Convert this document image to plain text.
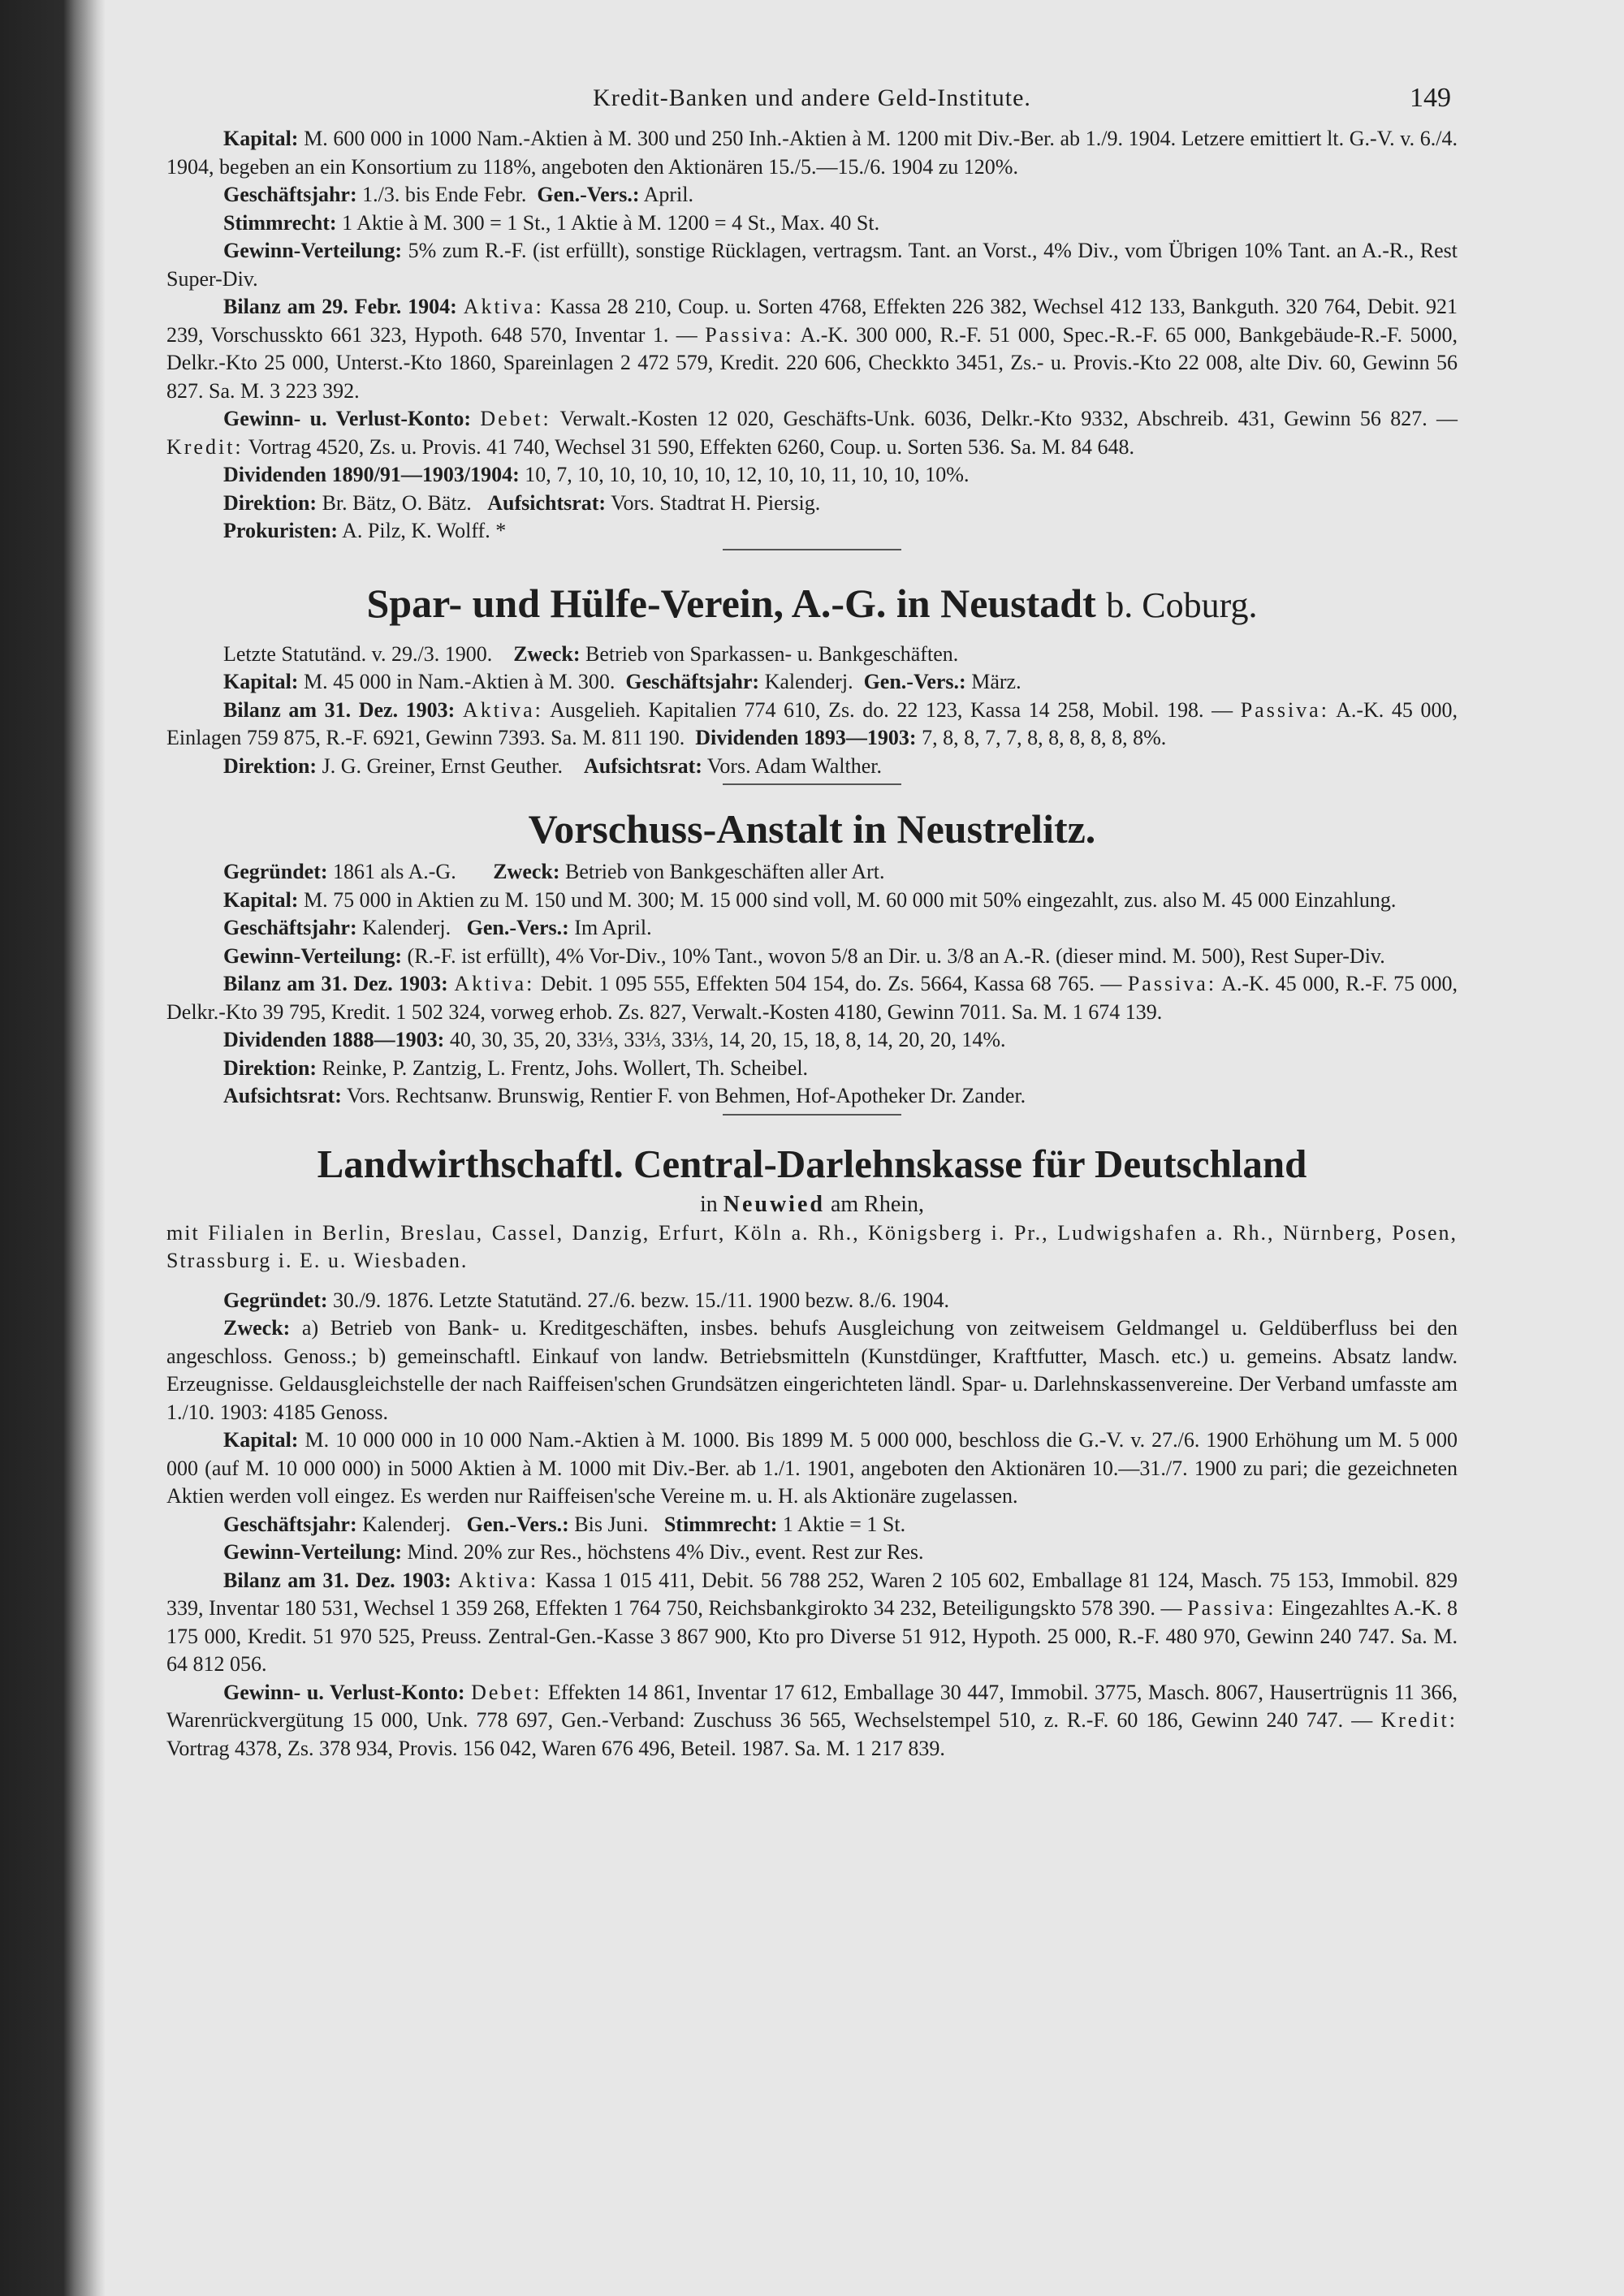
Kredit-Banken und andere Geld-Institute.	149

Kapital: M. 600 000 in 1000 Nam.-Aktien à M. 300 und 250 Inh.-Aktien à M. 1200 mit Div.-Ber. ab 1./9. 1904. Letzere emittiert lt. G.-V. v. 6./4. 1904, begeben an ein Konsortium zu 118%, angeboten den Aktionären 15./5.—15./6. 1904 zu 120%.

Geschäftsjahr: 1./3. bis Ende Febr. Gen.-Vers.: April.

Stimmrecht: 1 Aktie à M. 300 = 1 St., 1 Aktie à M. 1200 = 4 St., Max. 40 St.

Gewinn-Verteilung: 5% zum R.-F. (ist erfüllt), sonstige Rücklagen, vertragsm. Tant. an Vorst., 4% Div., vom Übrigen 10% Tant. an A.-R., Rest Super-Div.

Bilanz am 29. Febr. 1904: Aktiva: Kassa 28 210, Coup. u. Sorten 4768, Effekten 226 382, Wechsel 412 133, Bankguth. 320 764, Debit. 921 239, Vorschusskto 661 323, Hypoth. 648 570, Inventar 1. — Passiva: A.-K. 300 000, R.-F. 51 000, Spec.-R.-F. 65 000, Bankgebäude-R.-F. 5000, Delkr.-Kto 25 000, Unterst.-Kto 1860, Spareinlagen 2 472 579, Kredit. 220 606, Checkkto 3451, Zs.- u. Provis.-Kto 22 008, alte Div. 60, Gewinn 56 827. Sa. M. 3 223 392.

Gewinn- u. Verlust-Konto: Debet: Verwalt.-Kosten 12 020, Geschäfts-Unk. 6036, Delkr.-Kto 9332, Abschreib. 431, Gewinn 56 827. — Kredit: Vortrag 4520, Zs. u. Provis. 41 740, Wechsel 31 590, Effekten 6260, Coup. u. Sorten 536. Sa. M. 84 648.

Dividenden 1890/91—1903/1904: 10, 7, 10, 10, 10, 10, 10, 12, 10, 10, 11, 10, 10, 10%.

Direktion: Br. Bätz, O. Bätz. Aufsichtsrat: Vors. Stadtrat H. Piersig.

Prokuristen: A. Pilz, K. Wolff. *

Spar- und Hülfe-Verein, A.-G. in Neustadt b. Coburg.

Letzte Statutänd. v. 29./3. 1900. Zweck: Betrieb von Sparkassen- u. Bankgeschäften.

Kapital: M. 45 000 in Nam.-Aktien à M. 300. Geschäftsjahr: Kalenderj. Gen.-Vers.: März.

Bilanz am 31. Dez. 1903: Aktiva: Ausgelieh. Kapitalien 774 610, Zs. do. 22 123, Kassa 14 258, Mobil. 198. — Passiva: A.-K. 45 000, Einlagen 759 875, R.-F. 6921, Gewinn 7393. Sa. M. 811 190. Dividenden 1893—1903: 7, 8, 8, 7, 7, 8, 8, 8, 8, 8, 8%.

Direktion: J. G. Greiner, Ernst Geuther. Aufsichtsrat: Vors. Adam Walther.

Vorschuss-Anstalt in Neustrelitz.

Gegründet: 1861 als A.-G. Zweck: Betrieb von Bankgeschäften aller Art.

Kapital: M. 75 000 in Aktien zu M. 150 und M. 300; M. 15 000 sind voll, M. 60 000 mit 50% eingezahlt, zus. also M. 45 000 Einzahlung.

Geschäftsjahr: Kalenderj. Gen.-Vers.: Im April.

Gewinn-Verteilung: (R.-F. ist erfüllt), 4% Vor-Div., 10% Tant., wovon 5/8 an Dir. u. 3/8 an A.-R. (dieser mind. M. 500), Rest Super-Div.

Bilanz am 31. Dez. 1903: Aktiva: Debit. 1 095 555, Effekten 504 154, do. Zs. 5664, Kassa 68 765. — Passiva: A.-K. 45 000, R.-F. 75 000, Delkr.-Kto 39 795, Kredit. 1 502 324, vorweg erhob. Zs. 827, Verwalt.-Kosten 4180, Gewinn 7011. Sa. M. 1 674 139.

Dividenden 1888—1903: 40, 30, 35, 20, 33⅓, 33⅓, 33⅓, 14, 20, 15, 18, 8, 14, 20, 20, 14%.

Direktion: Reinke, P. Zantzig, L. Frentz, Johs. Wollert, Th. Scheibel.

Aufsichtsrat: Vors. Rechtsanw. Brunswig, Rentier F. von Behmen, Hof-Apotheker Dr. Zander.

Landwirthschaftl. Central-Darlehnskasse für Deutschland
in Neuwied am Rhein,

mit Filialen in Berlin, Breslau, Cassel, Danzig, Erfurt, Köln a. Rh., Königsberg i. Pr., Ludwigshafen a. Rh., Nürnberg, Posen, Strassburg i. E. u. Wiesbaden.

Gegründet: 30./9. 1876. Letzte Statutänd. 27./6. bezw. 15./11. 1900 bezw. 8./6. 1904.

Zweck: a) Betrieb von Bank- u. Kreditgeschäften, insbes. behufs Ausgleichung von zeitweisem Geldmangel u. Geldüberfluss bei den angeschloss. Genoss.; b) gemeinschaftl. Einkauf von landw. Betriebsmitteln (Kunstdünger, Kraftfutter, Masch. etc.) u. gemeins. Absatz landw. Erzeugnisse. Geldausgleichstelle der nach Raiffeisen'schen Grundsätzen eingerichteten ländl. Spar- u. Darlehnskassenvereine. Der Verband umfasste am 1./10. 1903: 4185 Genoss.

Kapital: M. 10 000 000 in 10 000 Nam.-Aktien à M. 1000. Bis 1899 M. 5 000 000, beschloss die G.-V. v. 27./6. 1900 Erhöhung um M. 5 000 000 (auf M. 10 000 000) in 5000 Aktien à M. 1000 mit Div.-Ber. ab 1./1. 1901, angeboten den Aktionären 10.—31./7. 1900 zu pari; die gezeichneten Aktien werden voll eingez. Es werden nur Raiffeisen'sche Vereine m. u. H. als Aktionäre zugelassen.

Geschäftsjahr: Kalenderj. Gen.-Vers.: Bis Juni. Stimmrecht: 1 Aktie = 1 St.

Gewinn-Verteilung: Mind. 20% zur Res., höchstens 4% Div., event. Rest zur Res.

Bilanz am 31. Dez. 1903: Aktiva: Kassa 1 015 411, Debit. 56 788 252, Waren 2 105 602, Emballage 81 124, Masch. 75 153, Immobil. 829 339, Inventar 180 531, Wechsel 1 359 268, Effekten 1 764 750, Reichsbankgirokto 34 232, Beteiligungskto 578 390. — Passiva: Eingezahltes A.-K. 8 175 000, Kredit. 51 970 525, Preuss. Zentral-Gen.-Kasse 3 867 900, Kto pro Diverse 51 912, Hypoth. 25 000, R.-F. 480 970, Gewinn 240 747. Sa. M. 64 812 056.

Gewinn- u. Verlust-Konto: Debet: Effekten 14 861, Inventar 17 612, Emballage 30 447, Immobil. 3775, Masch. 8067, Hausertrügnis 11 366, Warenrückvergütung 15 000, Unk. 778 697, Gen.-Verband: Zuschuss 36 565, Wechselstempel 510, z. R.-F. 60 186, Gewinn 240 747. — Kredit: Vortrag 4378, Zs. 378 934, Provis. 156 042, Waren 676 496, Beteil. 1987. Sa. M. 1 217 839.
